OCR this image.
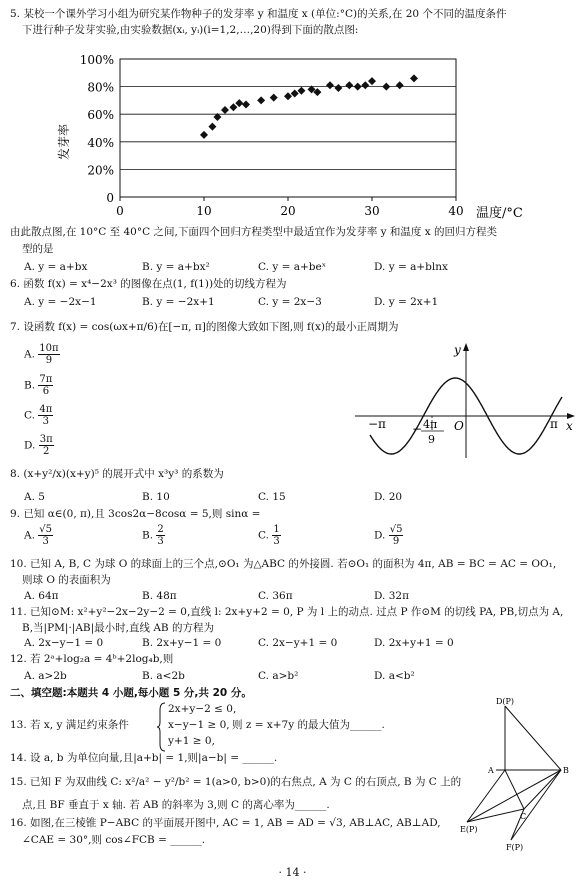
5. 某校一个课外学习小组为研究某作物种子的发芽率 y 和温度 x (单位:°C)的关系,在 20 个不同的温度条件
下进行种子发芽实验,由实验数据(xᵢ, yᵢ)(i=1,2,…,20)得到下面的散点图:
0
20%
40%
60%
80%
100%
0	10	20	30	40
发芽率
温度/°C
由此散点图,在 10°C 至 40°C 之间,下面四个回归方程类型中最适宜作为发芽率 y 和温度 x 的回归方程类
型的是
A. y = a+bx	B. y = a+bx²	C. y = a+beˣ	D. y = a+blnx
6. 函数 f(x) = x⁴−2x³ 的图像在点(1, f(1))处的切线方程为
A. y = −2x−1	B. y = −2x+1	C. y = 2x−3	D. y = 2x+1
7. 设函数 f(x) = cos(ωx+π/6)在[−π, π]的图像大致如下图,则 f(x)的最小正周期为
A. $\frac{10\pi}{9}$
B. $\frac{7\pi}{6}$
C. $\frac{4\pi}{3}$
D. $\frac{3\pi}{2}$
y
x
O
−π	π
− 4π
9
8. (x+y²/x)(x+y)⁵ 的展开式中 x³y³ 的系数为
A. 5	B. 10	C. 15	D. 20
9. 已知 α∈(0, π),且 3cos2α−8cosα = 5,则 sinα =
A. $\frac{√5}{3}$	B. $\frac{2}{3}$	C. $\frac{1}{3}$	D. $\frac{√5}{9}$
10. 已知 A, B, C 为球 O 的球面上的三个点,⊙O₁ 为△ABC 的外接圆. 若⊙O₁ 的面积为 4π, AB = BC = AC = OO₁,
则球 O 的表面积为
A. 64π	B. 48π	C. 36π	D. 32π
11. 已知⊙M: x²+y²−2x−2y−2 = 0,直线 l: 2x+y+2 = 0, P 为 l 上的动点. 过点 P 作⊙M 的切线 PA, PB,切点为 A,
B,当|PM|·|AB|最小时,直线 AB 的方程为
A. 2x−y−1 = 0	B. 2x+y−1 = 0	C. 2x−y+1 = 0	D. 2x+y+1 = 0
12. 若 2ᵃ+log₂a = 4ᵇ+2log₄b,则
A. a>2b	B. a<2b	C. a>b²	D. a<b²
二、填空题:本题共 4 小题,每小题 5 分,共 20 分。
13. 若 x, y 满足约束条件
2x+y−2 ≤ 0,
x−y−1 ≥ 0,
y+1 ≥ 0,
则 z = x+7y 的最大值为______.
14. 设 a, b 为单位向量,且|a+b| = 1,则|a−b| = ______.
15. 已知 F 为双曲线 C: x²/a² − y²/b² = 1(a>0, b>0)的右焦点, A 为 C 的右顶点, B 为 C 上的
点,且 BF 垂直于 x 轴. 若 AB 的斜率为 3,则 C 的离心率为______.
16. 如图,在三棱锥 P−ABC 的平面展开图中, AC = 1, AB = AD = √3, AB⊥AC, AB⊥AD,
∠CAE = 30°,则 cos∠FCB = ______.
D(P)
A	B
C
E(P)
F(P)
· 14 ·
